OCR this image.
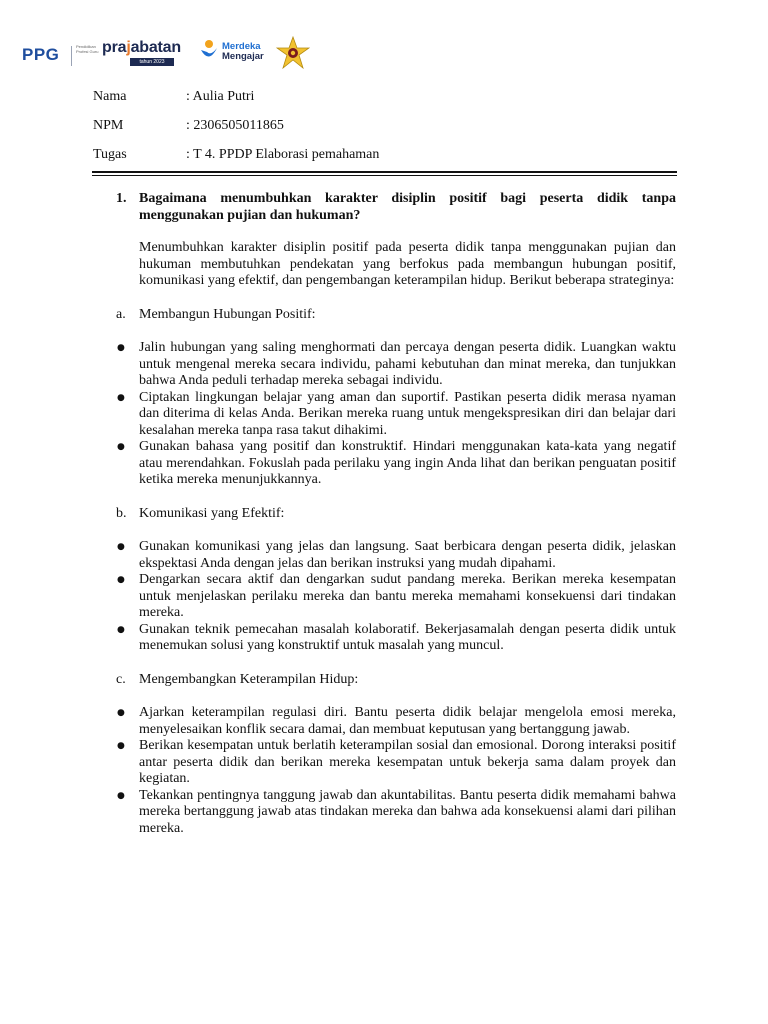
PPG	Pendidikan Profesi Guru prajabatan
tahun 2023
Merdeka
Mengajar
Nama	: Aulia Putri
NPM	: 2306505011865
Tugas	: T 4. PPDP Elaborasi pemahaman
1. Bagaimana menumbuhkan karakter disiplin positif bagi peserta didik tanpa menggunakan pujian dan hukuman?

Menumbuhkan karakter disiplin positif pada peserta didik tanpa menggunakan pujian dan hukuman membutuhkan pendekatan yang berfokus pada membangun hubungan positif, komunikasi yang efektif, dan pengembangan keterampilan hidup. Berikut beberapa strateginya:

a. Membangun Hubungan Positif:
● Jalin hubungan yang saling menghormati dan percaya dengan peserta didik. Luangkan waktu untuk mengenal mereka secara individu, pahami kebutuhan dan minat mereka, dan tunjukkan bahwa Anda peduli terhadap mereka sebagai individu.
● Ciptakan lingkungan belajar yang aman dan suportif. Pastikan peserta didik merasa nyaman dan diterima di kelas Anda. Berikan mereka ruang untuk mengekspresikan diri dan belajar dari kesalahan mereka tanpa rasa takut dihakimi.
● Gunakan bahasa yang positif dan konstruktif. Hindari menggunakan kata-kata yang negatif atau merendahkan. Fokuslah pada perilaku yang ingin Anda lihat dan berikan penguatan positif ketika mereka menunjukkannya.
b. Komunikasi yang Efektif:
● Gunakan komunikasi yang jelas dan langsung. Saat berbicara dengan peserta didik, jelaskan ekspektasi Anda dengan jelas dan berikan instruksi yang mudah dipahami.
● Dengarkan secara aktif dan dengarkan sudut pandang mereka. Berikan mereka kesempatan untuk menjelaskan perilaku mereka dan bantu mereka memahami konsekuensi dari tindakan mereka.
● Gunakan teknik pemecahan masalah kolaboratif. Bekerjasamalah dengan peserta didik untuk menemukan solusi yang konstruktif untuk masalah yang muncul.
c. Mengembangkan Keterampilan Hidup:
● Ajarkan keterampilan regulasi diri. Bantu peserta didik belajar mengelola emosi mereka, menyelesaikan konflik secara damai, dan membuat keputusan yang bertanggung jawab.
● Berikan kesempatan untuk berlatih keterampilan sosial dan emosional. Dorong interaksi positif antar peserta didik dan berikan mereka kesempatan untuk bekerja sama dalam proyek dan kegiatan.
● Tekankan pentingnya tanggung jawab dan akuntabilitas. Bantu peserta didik memahami bahwa mereka bertanggung jawab atas tindakan mereka dan bahwa ada konsekuensi alami dari pilihan mereka.
